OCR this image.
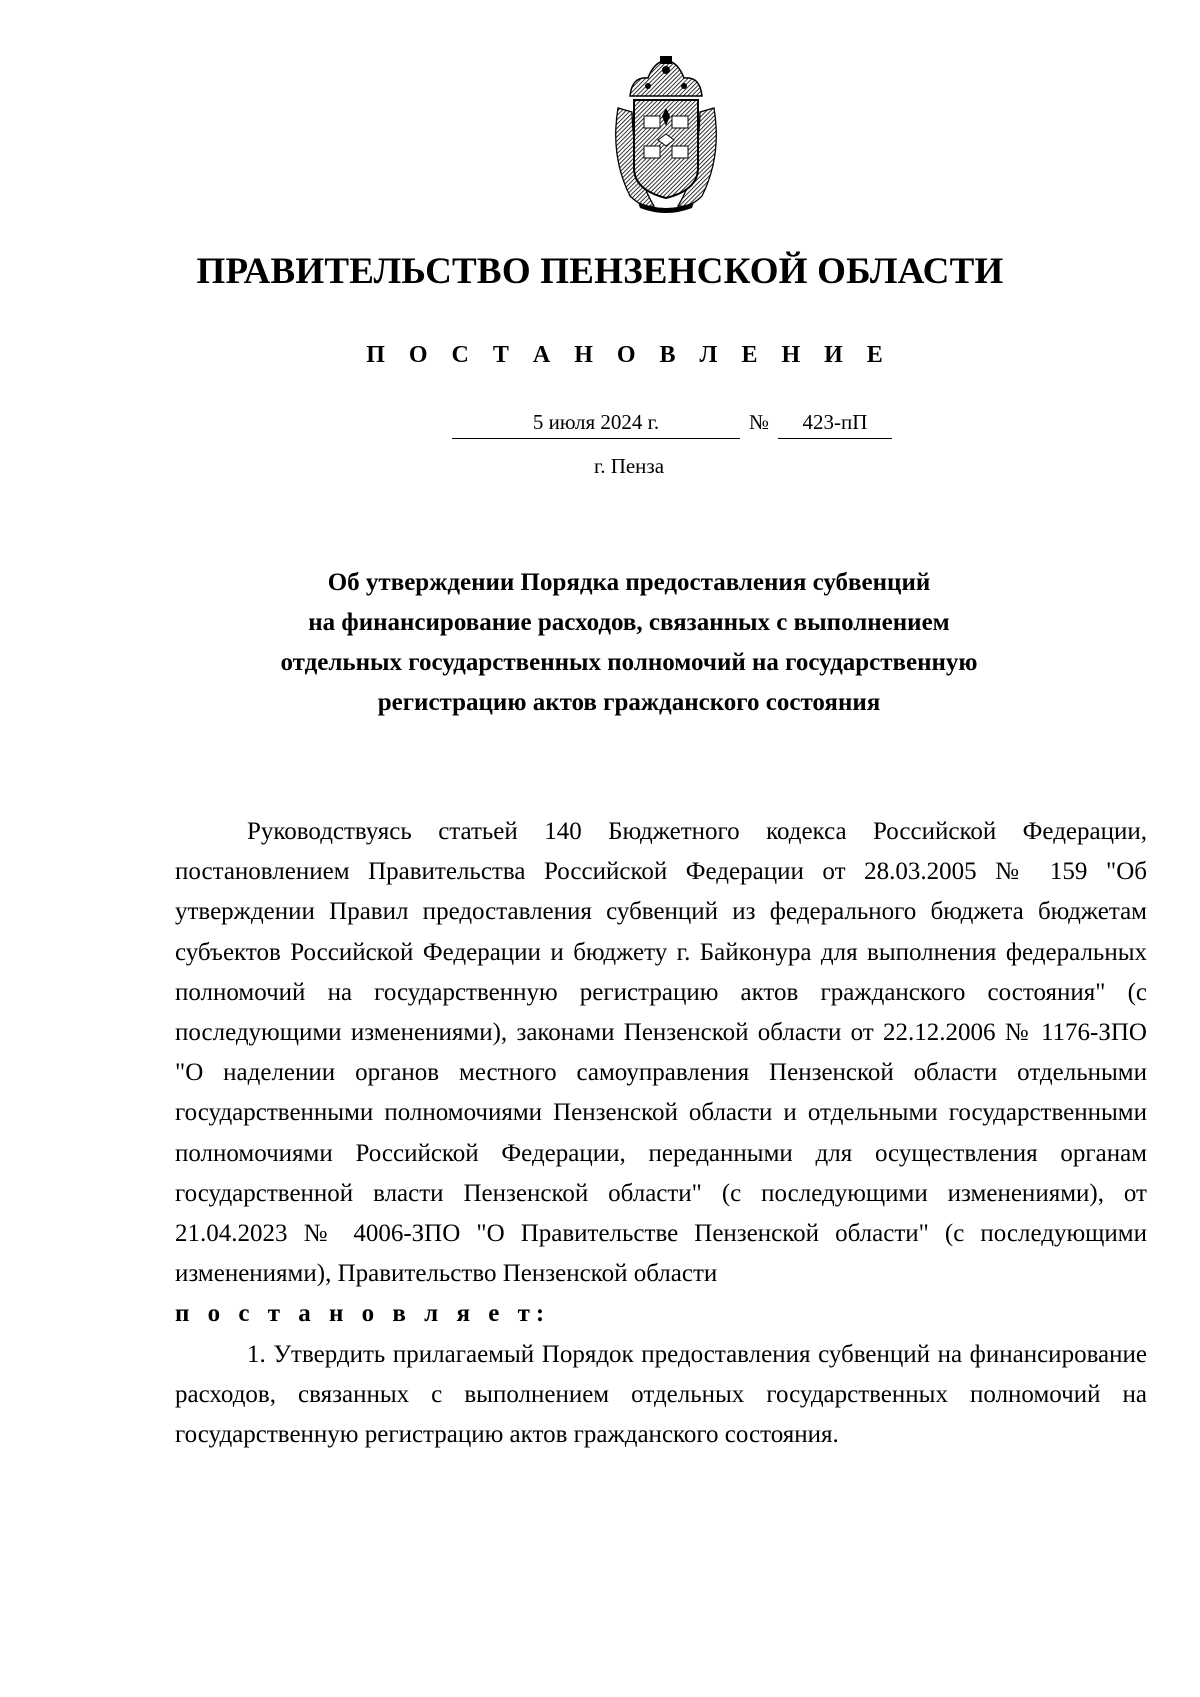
ПРАВИТЕЛЬСТВО ПЕНЗЕНСКОЙ ОБЛАСТИ
П О С Т А Н О В Л Е Н И Е
5 июля 2024 г.	№	423-пП
г. Пенза
Об утверждении Порядка предоставления субвенций
на финансирование расходов, связанных с выполнением
отдельных государственных полномочий на государственную
регистрацию актов гражданского состояния

Руководствуясь статьей 140 Бюджетного кодекса Российской Федерации, постановлением Правительства Российской Федерации от 28.03.2005 № 159 "Об утверждении Правил предоставления субвенций из федерального бюджета бюджетам субъектов Российской Федерации и бюджету г. Байконура для выполнения федеральных полномочий на государственную регистрацию актов гражданского состояния" (с последующими изменениями), законами Пензенской области от 22.12.2006 № 1176-ЗПО "О наделении органов местного самоуправления Пензенской области отдельными государственными полномочиями Пензенской области и отдельными государственными полномочиями Российской Федерации, переданными для осуществления органам государственной власти Пензенской области" (с последующими изменениями), от 21.04.2023 № 4006-ЗПО "О Правительстве Пензенской области" (с последующими изменениями), Правительство Пензенской области

п о с т а н о в л я е т:

1. Утвердить прилагаемый Порядок предоставления субвенций на финансирование расходов, связанных с выполнением отдельных государственных полномочий на государственную регистрацию актов гражданского состояния.
